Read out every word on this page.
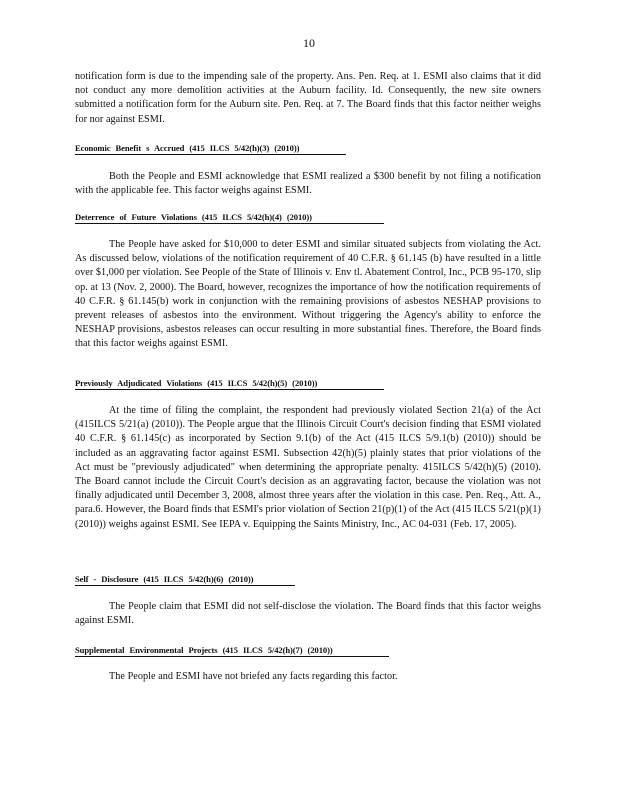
10

notification form is due to the impending sale of the property. Ans. Pen. Req. at 1. ESMI also claims that it did not conduct any more demolition activities at the Auburn facility. Id. Consequently, the new site owners submitted a notification form for the Auburn site. Pen. Req. at 7. The Board finds that this factor neither weighs for nor against ESMI.

Economic Benefit s Accrued (415 ILCS 5/42(h)(3) (2010))

Both the People and ESMI acknowledge that ESMI realized a $300 benefit by not filing a notification with the applicable fee. This factor weighs against ESMI.

Deterrence of Future Violations (415 ILCS 5/42(h)(4) (2010))

The People have asked for $10,000 to deter ESMI and similar situated subjects from violating the Act. As discussed below, violations of the notification requirement of 40 C.F.R. § 61.145 (b) have resulted in a little over $1,000 per violation. See People of the State of Illinois v. Env tl. Abatement Control, Inc., PCB 95-170, slip op. at 13 (Nov. 2, 2000). The Board, however, recognizes the importance of how the notification requirements of 40 C.F.R. § 61.145(b) work in conjunction with the remaining provisions of asbestos NESHAP provisions to prevent releases of asbestos into the environment. Without triggering the Agency's ability to enforce the NESHAP provisions, asbestos releases can occur resulting in more substantial fines. Therefore, the Board finds that this factor weighs against ESMI.

Previously Adjudicated Violations (415 ILCS 5/42(h)(5) (2010))

At the time of filing the complaint, the respondent had previously violated Section 21(a) of the Act (415ILCS 5/21(a) (2010)). The People argue that the Illinois Circuit Court's decision finding that ESMI violated 40 C.F.R. § 61.145(c) as incorporated by Section 9.1(b) of the Act (415 ILCS 5/9.1(b) (2010)) should be included as an aggravating factor against ESMI. Subsection 42(h)(5) plainly states that prior violations of the Act must be "previously adjudicated" when determining the appropriate penalty. 415ILCS 5/42(h)(5) (2010). The Board cannot include the Circuit Court's decision as an aggravating factor, because the violation was not finally adjudicated until December 3, 2008, almost three years after the violation in this case. Pen. Req., Att. A., para.6. However, the Board finds that ESMI's prior violation of Section 21(p)(1) of the Act (415 ILCS 5/21(p)(1) (2010)) weighs against ESMI. See IEPA v. Equipping the Saints Ministry, Inc., AC 04-031 (Feb. 17, 2005).

Self - Disclosure (415 ILCS 5/42(h)(6) (2010))

The People claim that ESMI did not self-disclose the violation. The Board finds that this factor weighs against ESMI.

Supplemental Environmental Projects (415 ILCS 5/42(h)(7) (2010))

The People and ESMI have not briefed any facts regarding this factor.
